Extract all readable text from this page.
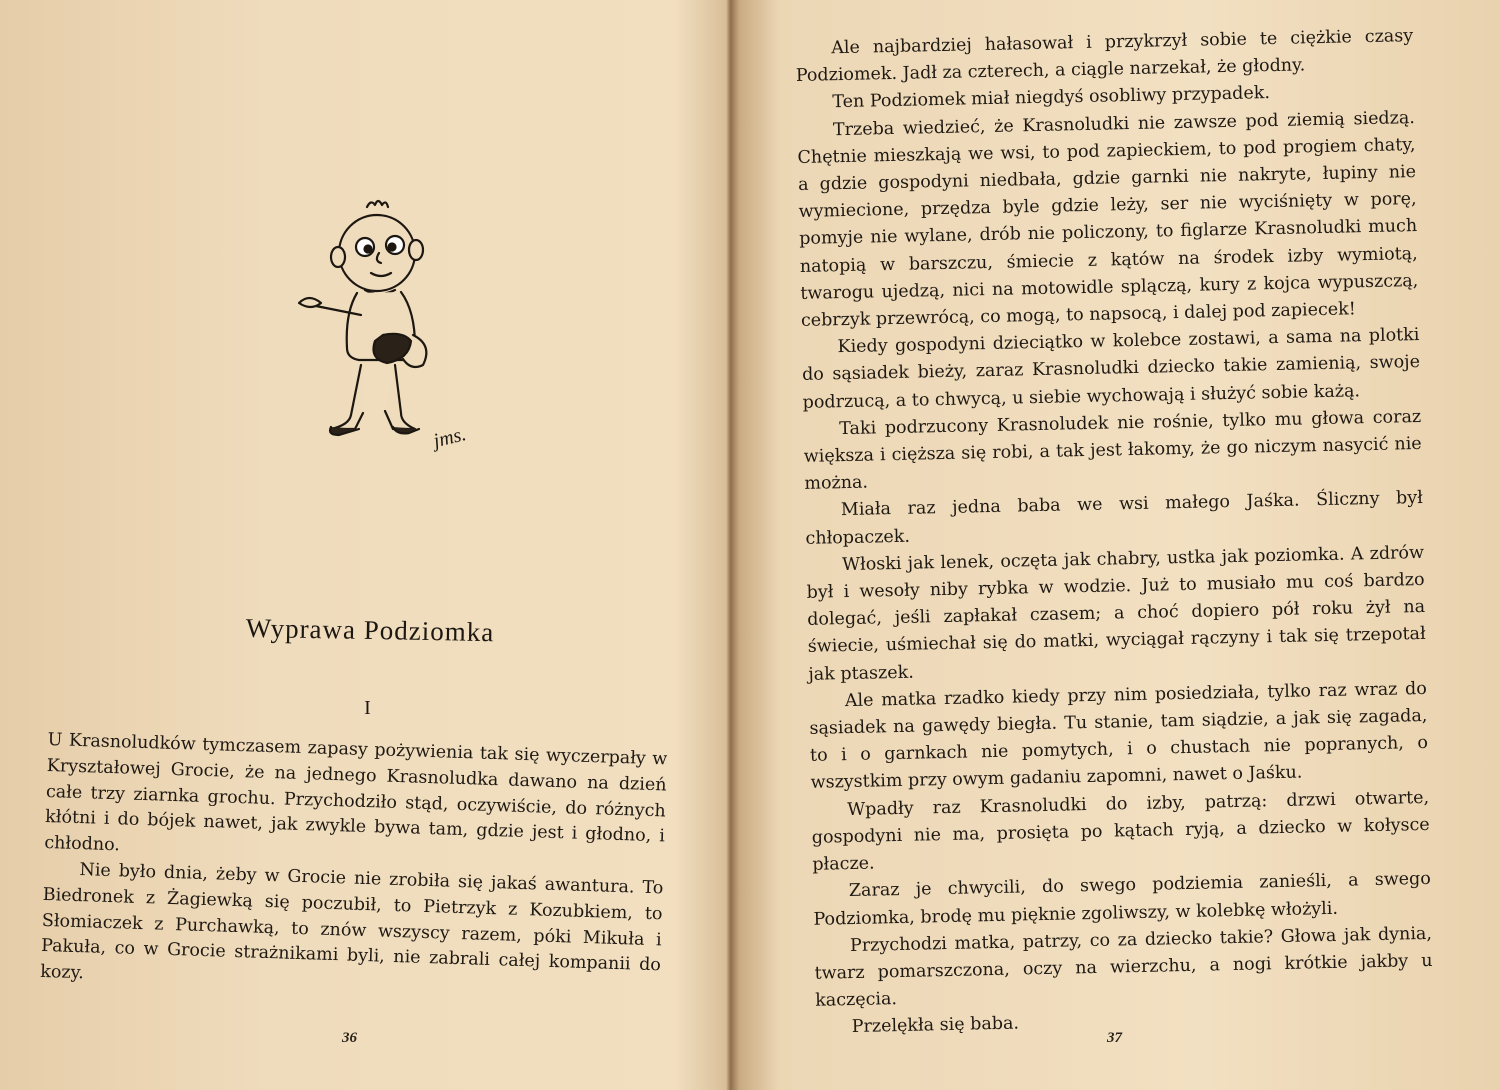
jms.
Wyprawa Podziomka
I

U Krasnoludków tymczasem zapasy pożywienia tak się wyczerpały w Kryształowej Grocie, że na jednego Krasnoludka dawano na dzień całe trzy ziarnka grochu. Przychodziło stąd, oczywiście, do różnych kłótni i do bójek nawet, jak zwykle bywa tam, gdzie jest i głodno, i chłodno.

Nie było dnia, żeby w Grocie nie zrobiła się jakaś awantura. To Biedronek z Żagiewką się poczubił, to Pietrzyk z Kozubkiem, to Słomiaczek z Purchawką, to znów wszyscy razem, póki Mikuła i Pakuła, co w Grocie strażnikami byli, nie zabrali całej kompanii do kozy.

36

Ale najbardziej hałasował i przykrzył sobie te ciężkie czasy Podziomek. Jadł za czterech, a ciągle narzekał, że głodny.

Ten Podziomek miał niegdyś osobliwy przypadek.

Trzeba wiedzieć, że Krasnoludki nie zawsze pod ziemią siedzą. Chętnie mieszkają we wsi, to pod zapieckiem, to pod progiem chaty, a gdzie gospodyni niedbała, gdzie garnki nie nakryte, łupiny nie wymiecione, przędza byle gdzie leży, ser nie wyciśnięty w porę, pomyje nie wylane, drób nie policzony, to figlarze Krasnoludki much natopią w barszczu, śmiecie z kątów na środek izby wymiotą, twarogu ujedzą, nici na motowidle splączą, kury z kojca wypuszczą, cebrzyk przewrócą, co mogą, to napsocą, i dalej pod zapiecek!

Kiedy gospodyni dzieciątko w kolebce zostawi, a sama na plotki do sąsiadek bieży, zaraz Krasnoludki dziecko takie zamienią, swoje podrzucą, a to chwycą, u siebie wychowają i służyć sobie każą.

Taki podrzucony Krasnoludek nie rośnie, tylko mu głowa coraz większa i cięższa się robi, a tak jest łakomy, że go niczym nasycić nie można.

Miała raz jedna baba we wsi małego Jaśka. Śliczny był chłopaczek.

Włoski jak lenek, oczęta jak chabry, ustka jak poziomka. A zdrów był i wesoły niby rybka w wodzie. Już to musiało mu coś bardzo dolegać, jeśli zapłakał czasem; a choć dopiero pół roku żył na świecie, uśmiechał się do matki, wyciągał rączyny i tak się trzepotał jak ptaszek.

Ale matka rzadko kiedy przy nim posiedziała, tylko raz wraz do sąsiadek na gawędy biegła. Tu stanie, tam siądzie, a jak się zagada, to i o garnkach nie pomytych, i o chustach nie popranych, o wszystkim przy owym gadaniu zapomni, nawet o Jaśku.

Wpadły raz Krasnoludki do izby, patrzą: drzwi otwarte, gospodyni nie ma, prosięta po kątach ryją, a dziecko w kołysce płacze.

Zaraz je chwycili, do swego podziemia zanieśli, a swego Podziomka, brodę mu pięknie zgoliwszy, w kolebkę włożyli.

Przychodzi matka, patrzy, co za dziecko takie? Głowa jak dynia, twarz pomarszczona, oczy na wierzchu, a nogi krótkie jakby u kaczęcia.

Przelękła się baba.

37
